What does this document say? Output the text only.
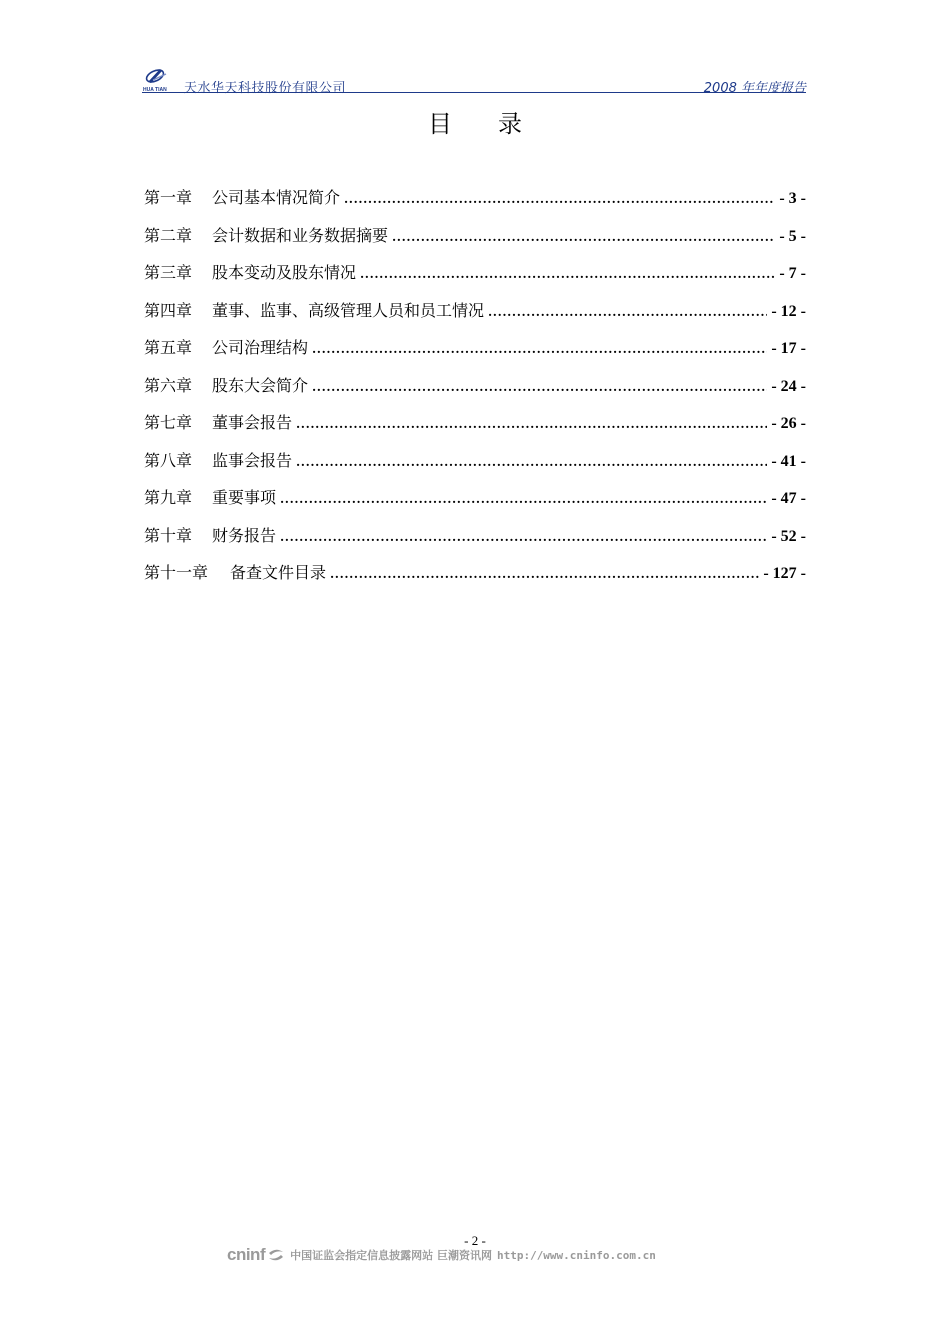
HUA TIAN 天水华天科技股份有限公司	2008 年年度报告
目录
第一章 公司基本情况简介 .....	- 3 -
第二章 会计数据和业务数据摘要 .....	- 5 -
第三章 股本变动及股东情况 .....	- 7 -
第四章 董事、监事、高级管理人员和员工情况 .....	- 12 -
第五章 公司治理结构 .....	- 17 -
第六章 股东大会简介 .....	- 24 -
第七章 董事会报告 .....	- 26 -
第八章 监事会报告 .....	- 41 -
第九章 重要事项 .....	- 47 -
第十章 财务报告 .....	- 52 -
第十一章 备查文件目录 .....	- 127 -
- 2 -
cninf 中国证监会指定信息披露网站 巨潮资讯网 http://www.cninfo.com.cn
